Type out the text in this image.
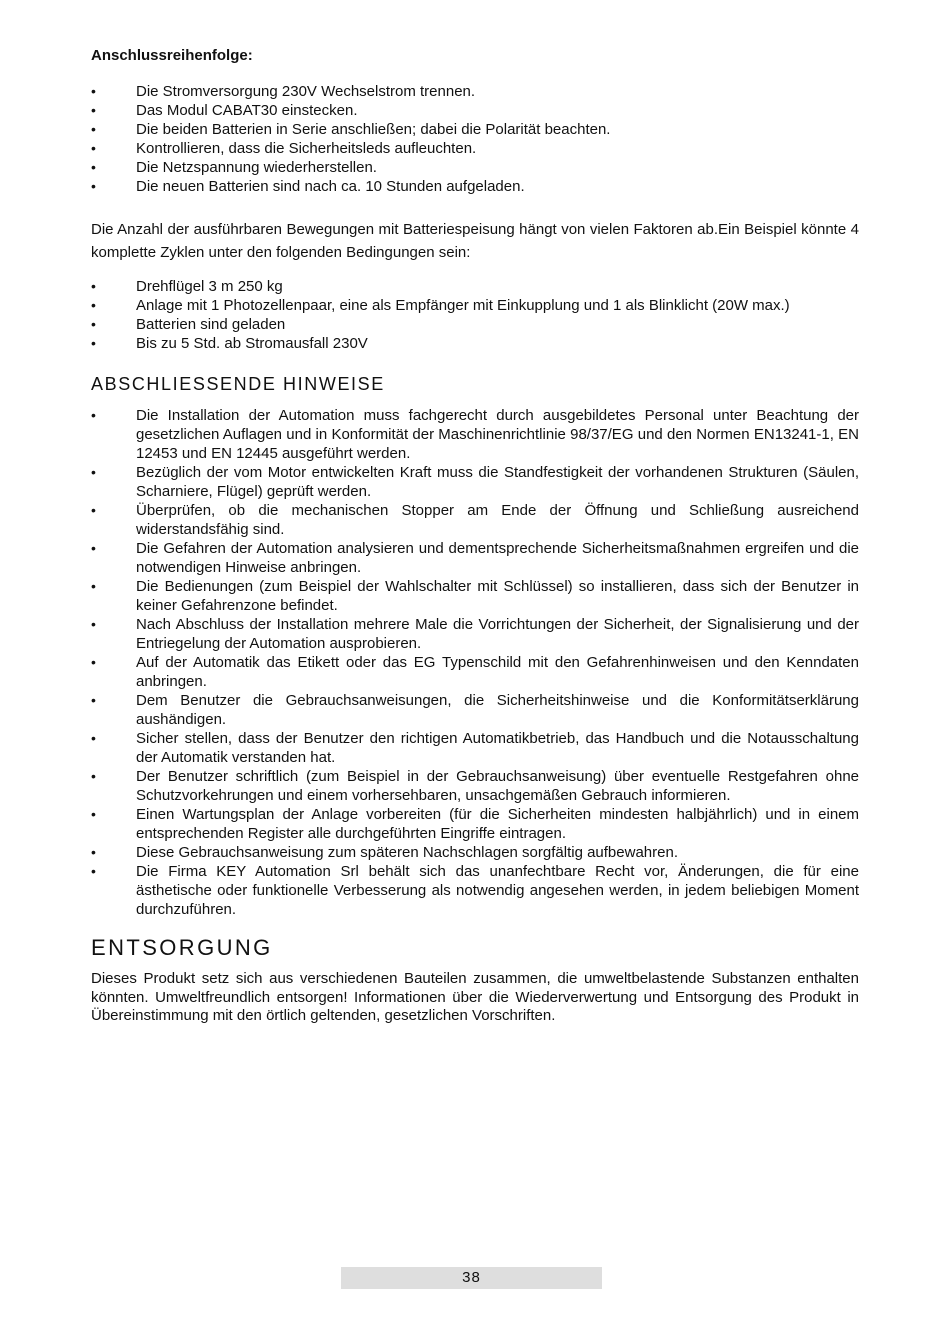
Anschlussreihenfolge:
•	Die Stromversorgung 230V Wechselstrom trennen.
•	Das Modul CABAT30 einstecken.
•	Die beiden Batterien in Serie anschließen; dabei die Polarität beachten.
•	Kontrollieren, dass die Sicherheitsleds aufleuchten.
•	Die Netzspannung wiederherstellen.
•	Die neuen Batterien sind nach ca. 10 Stunden aufgeladen.

Die Anzahl der ausführbaren Bewegungen mit Batteriespeisung hängt von vielen Faktoren ab.Ein Beispiel könnte 4 komplette Zyklen unter den folgenden Bedingungen sein:

•	Drehflügel 3 m 250 kg
•	Anlage mit 1 Photozellenpaar, eine als Empfänger mit Einkupplung und 1 als Blinklicht (20W max.)
•	Batterien sind geladen
•	Bis zu 5 Std. ab Stromausfall 230V
ABSCHLIESSENDE HINWEISE
•	Die Installation der Automation muss fachgerecht durch ausgebildetes Personal unter Beachtung der gesetzlichen Auflagen und in Konformität der Maschinenrichtlinie 98/37/EG und den Normen EN13241-1, EN 12453 und EN 12445 ausgeführt werden.
•	Bezüglich der vom Motor entwickelten Kraft muss die Standfestigkeit der vorhandenen Strukturen (Säulen, Scharniere, Flügel) geprüft werden.
•	Überprüfen, ob die mechanischen Stopper am Ende der Öffnung und Schließung ausreichend widerstandsfähig sind.
•	Die Gefahren der Automation analysieren und dementsprechende Sicherheitsmaßnahmen ergreifen und die notwendigen Hinweise anbringen.
•	Die Bedienungen (zum Beispiel der Wahlschalter mit Schlüssel) so installieren, dass sich der Benutzer in keiner Gefahrenzone befindet.
•	Nach Abschluss der Installation mehrere Male die Vorrichtungen der Sicherheit, der Signalisierung und der Entriegelung der Automation ausprobieren.
•	Auf der Automatik das Etikett oder das EG Typenschild mit den Gefahrenhinweisen und den Kenndaten anbringen.
•	Dem Benutzer die Gebrauchsanweisungen, die Sicherheitshinweise und die Konformitätserklärung aushändigen.
•	Sicher stellen, dass der Benutzer den richtigen Automatikbetrieb, das Handbuch und die Notausschaltung der Automatik verstanden hat.
•	Der Benutzer schriftlich (zum Beispiel in der Gebrauchsanweisung) über eventuelle Restgefahren ohne Schutzvorkehrungen und einem vorhersehbaren, unsachgemäßen Gebrauch informieren.
•	Einen Wartungsplan der Anlage vorbereiten (für die Sicherheiten mindesten halbjährlich) und in einem entsprechenden Register alle durchgeführten Eingriffe eintragen.
•	Diese Gebrauchsanweisung zum späteren Nachschlagen sorgfältig aufbewahren.
•	Die Firma KEY Automation Srl behält sich das unanfechtbare Recht vor, Änderungen, die für eine ästhetische oder funktionelle Verbesserung als notwendig angesehen werden, in jedem beliebigen Moment durchzuführen.
ENTSORGUNG

Dieses Produkt setz sich aus verschiedenen Bauteilen zusammen, die umweltbelastende Substanzen enthalten könnten. Umweltfreundlich entsorgen! Informationen über die Wiederverwertung und Entsorgung des Produkt in Übereinstimmung mit den örtlich geltenden, gesetzlichen Vorschriften.

38
